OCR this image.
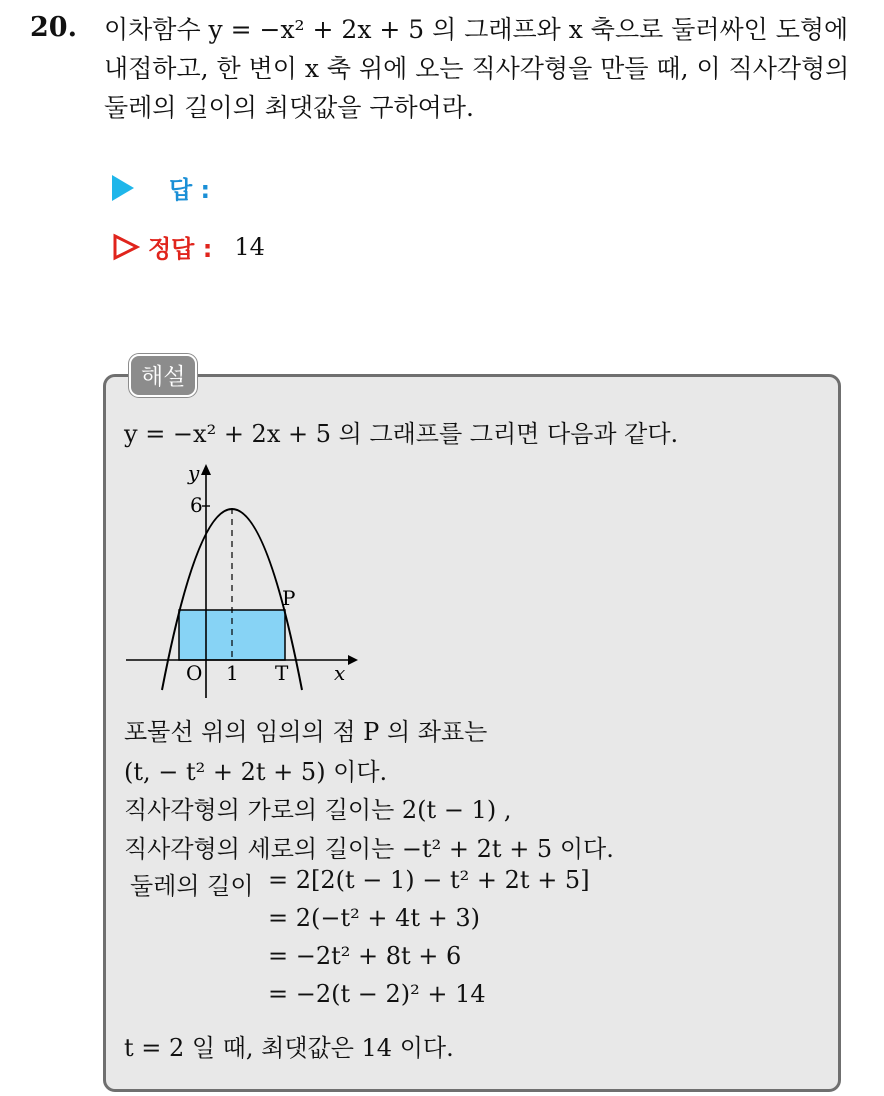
20. 이차함수 y = −x² + 2x + 5 의 그래프와 x 축으로 둘러싸인 도형에
내접하고, 한 변이 x 축 위에 오는 직사각형을 만들 때, 이 직사각형의
둘레의 길이의 최댓값을 구하여라.
답 :
정답 : 14
해설
y = −x² + 2x + 5 의 그래프를 그리면 다음과 같다.
y
x
6
O 1
P
T
포물선 위의 임의의 점 P 의 좌표는
(t, − t² + 2t + 5) 이다.
직사각형의 가로의 길이는 2(t − 1) ,
직사각형의 세로의 길이는 −t² + 2t + 5 이다.
둘레의 길이 = 2[2(t − 1) − t² + 2t + 5]
= 2(−t² + 4t + 3)
= −2t² + 8t + 6
= −2(t − 2)² + 14
t = 2 일 때, 최댓값은 14 이다.
